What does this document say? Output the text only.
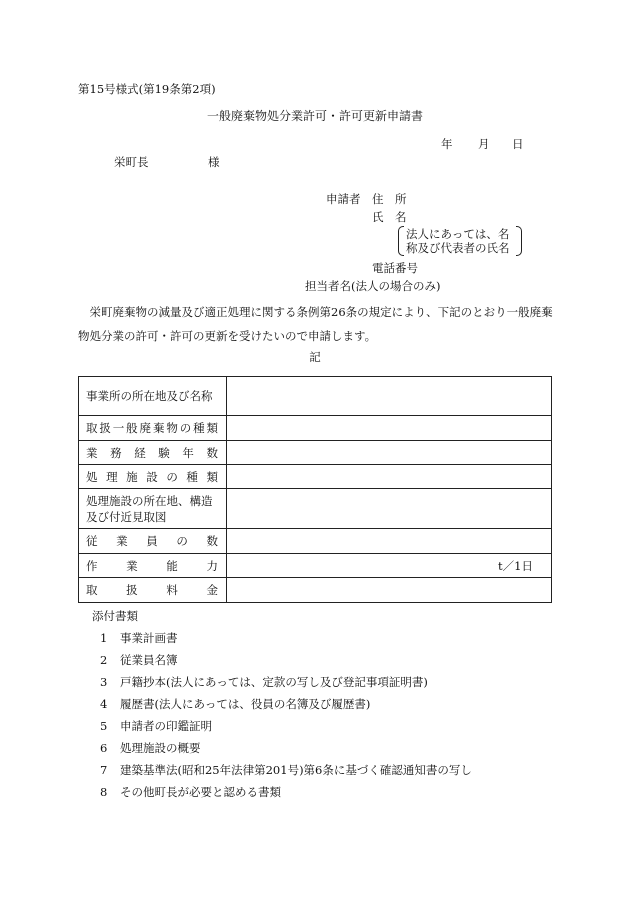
第15号様式(第19条第2項)
一般廃棄物処分業許可・許可更新申請書
年 月 日
栄町長	様
申請者 住　所
氏　名
法人にあっては、名
称及び代表者の氏名
電話番号
担当者名(法人の場合のみ)
栄町廃棄物の減量及び適正処理に関する条例第26条の規定により、下記のとおり一般廃棄物処分業の許可・許可の更新を受けたいので申請します。
記
事業所の所在地及び名称	
取扱一般廃棄物の種類	
業務経験年数	
処理施設の種類	
処理施設の所在地、構造
及び付近見取図	
従業員の数	
作業能力	t／1日
取扱料金	
添付書類
1 事業計画書
2 従業員名簿
3 戸籍抄本(法人にあっては、定款の写し及び登記事項証明書)
4 履歴書(法人にあっては、役員の名簿及び履歴書)
5 申請者の印鑑証明
6 処理施設の概要
7 建築基準法(昭和25年法律第201号)第6条に基づく確認通知書の写し
8 その他町長が必要と認める書類
